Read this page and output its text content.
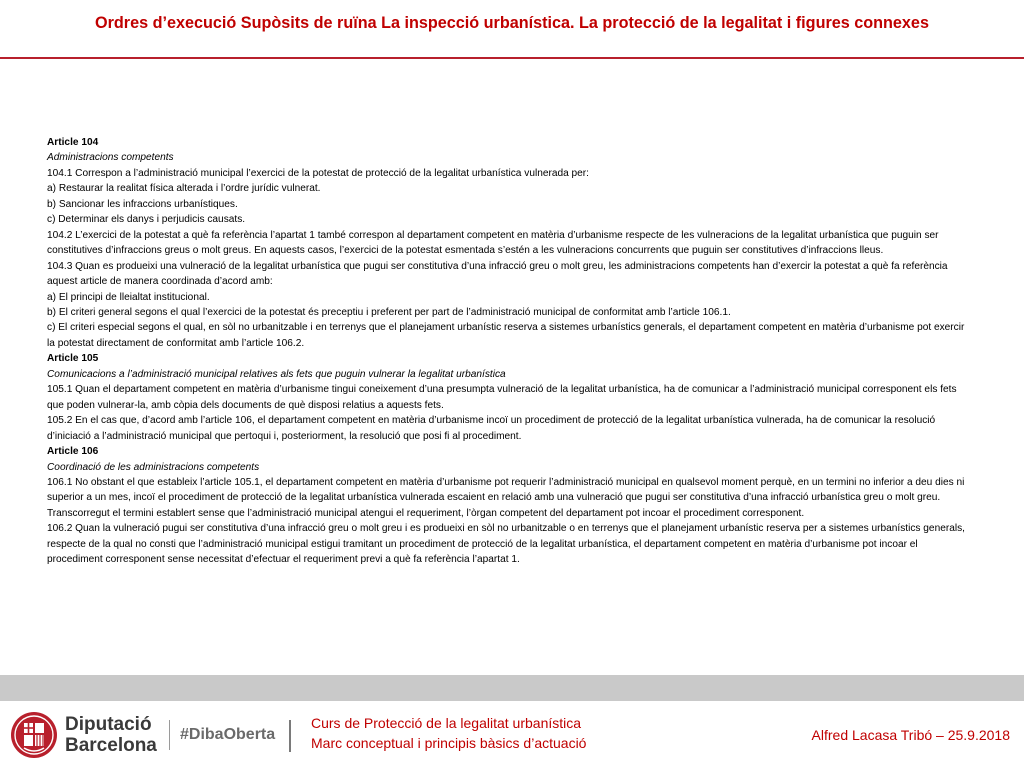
Ordres d’execució Supòsits de ruïna La inspecció urbanística. La protecció de la legalitat i figures connexes

Article 104

Administracions competents

104.1 Correspon a l’administració municipal l’exercici de la potestat de protecció de la legalitat urbanística vulnerada per:

a) Restaurar la realitat física alterada i l’ordre jurídic vulnerat.

b) Sancionar les infraccions urbanístiques.

c) Determinar els danys i perjudicis causats.

104.2 L’exercici de la potestat a què fa referència l’apartat 1 també correspon al departament competent en matèria d’urbanisme respecte de les vulneracions de la legalitat urbanística que puguin ser constitutives d’infraccions greus o molt greus. En aquests casos, l’exercici de la potestat esmentada s’estén a les vulneracions concurrents que puguin ser constitutives d’infraccions lleus.

104.3 Quan es produeixi una vulneració de la legalitat urbanística que pugui ser constitutiva d’una infracció greu o molt greu, les administracions competents han d’exercir la potestat a què fa referència aquest article de manera coordinada d’acord amb:

a) El principi de lleialtat institucional.

b) El criteri general segons el qual l’exercici de la potestat és preceptiu i preferent per part de l’administració municipal de conformitat amb l’article 106.1.

c) El criteri especial segons el qual, en sòl no urbanitzable i en terrenys que el planejament urbanístic reserva a sistemes urbanístics generals, el departament competent en matèria d’urbanisme pot exercir la potestat directament de conformitat amb l’article 106.2.

Article 105

Comunicacions a l’administració municipal relatives als fets que puguin vulnerar la legalitat urbanística

105.1 Quan el departament competent en matèria d’urbanisme tingui coneixement d’una presumpta vulneració de la legalitat urbanística, ha de comunicar a l’administració municipal corresponent els fets que poden vulnerar-la, amb còpia dels documents de què disposi relatius a aquests fets.

105.2 En el cas que, d’acord amb l’article 106, el departament competent en matèria d’urbanisme incoï un procediment de protecció de la legalitat urbanística vulnerada, ha de comunicar la resolució d’iniciació a l’administració municipal que pertoqui i, posteriorment, la resolució que posi fi al procediment.

Article 106

Coordinació de les administracions competents

106.1 No obstant el que estableix l’article 105.1, el departament competent en matèria d’urbanisme pot requerir l’administració municipal en qualsevol moment perquè, en un termini no inferior a deu dies ni superior a un mes, incoï el procediment de protecció de la legalitat urbanística vulnerada escaient en relació amb una vulneració que pugui ser constitutiva d’una infracció urbanística greu o molt greu. Transcorregut el termini establert sense que l’administració municipal atengui el requeriment, l’òrgan competent del departament pot incoar el procediment corresponent.

106.2 Quan la vulneració pugui ser constitutiva d’una infracció greu o molt greu i es produeixi en sòl no urbanitzable o en terrenys que el planejament urbanístic reserva per a sistemes urbanístics generals, respecte de la qual no consti que l’administració municipal estigui tramitant un procediment de protecció de la legalitat urbanística, el departament competent en matèria d’urbanisme pot incoar el procediment corresponent sense necessitat d’efectuar el requeriment previ a què fa referència l’apartat 1.

Diputació
Barcelona
#DibaOberta
Curs de Protecció de la legalitat urbanística
Marc conceptual i principis bàsics d’actuació	Alfred Lacasa Tribó – 25.9.2018
